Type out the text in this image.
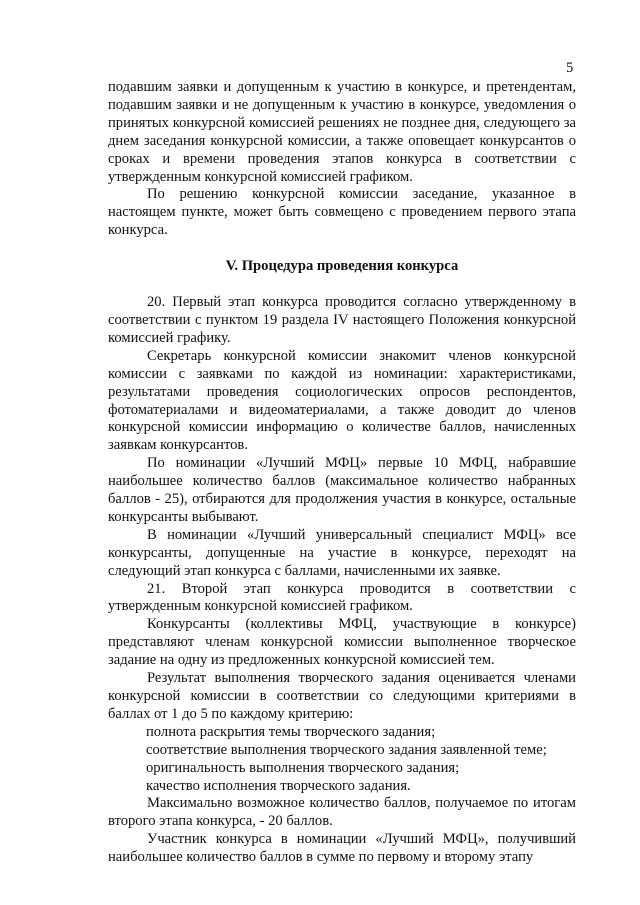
5

подавшим заявки и допущенным к участию в конкурсе, и претендентам, подавшим заявки и не допущенным к участию в конкурсе, уведомления о принятых конкурсной комиссией решениях не позднее дня, следующего за днем заседания конкурсной комиссии, а также оповещает конкурсантов о сроках и времени проведения этапов конкурса в соответствии с утвержденным конкурсной комиссией графиком.

По решению конкурсной комиссии заседание, указанное в настоящем пункте, может быть совмещено с проведением первого этапа конкурса.

V. Процедура проведения конкурса

20. Первый этап конкурса проводится согласно утвержденному в соответствии с пунктом 19 раздела IV настоящего Положения конкурсной комиссией графику.

Секретарь конкурсной комиссии знакомит членов конкурсной комиссии с заявками по каждой из номинации: характеристиками, результатами проведения социологических опросов респондентов, фотоматериалами и видеоматериалами, а также доводит до членов конкурсной комиссии информацию о количестве баллов, начисленных заявкам конкурсантов.

По номинации «Лучший МФЦ» первые 10 МФЦ, набравшие наибольшее количество баллов (максимальное количество набранных баллов - 25), отбираются для продолжения участия в конкурсе, остальные конкурсанты выбывают.

В номинации «Лучший универсальный специалист МФЦ» все конкурсанты, допущенные на участие в конкурсе, переходят на следующий этап конкурса с баллами, начисленными их заявке.

21. Второй этап конкурса проводится в соответствии с утвержденным конкурсной комиссией графиком.

Конкурсанты (коллективы МФЦ, участвующие в конкурсе) представляют членам конкурсной комиссии выполненное творческое задание на одну из предложенных конкурсной комиссией тем.

Результат выполнения творческого задания оценивается членами конкурсной комиссии в соответствии со следующими критериями в баллах от 1 до 5 по каждому критерию:

полнота раскрытия темы творческого задания;

соответствие выполнения творческого задания заявленной теме;

оригинальность выполнения творческого задания;

качество исполнения творческого задания.

Максимально возможное количество баллов, получаемое по итогам второго этапа конкурса, - 20 баллов.

Участник конкурса в номинации «Лучший МФЦ», получивший наибольшее количество баллов в сумме по первому и второму этапу
